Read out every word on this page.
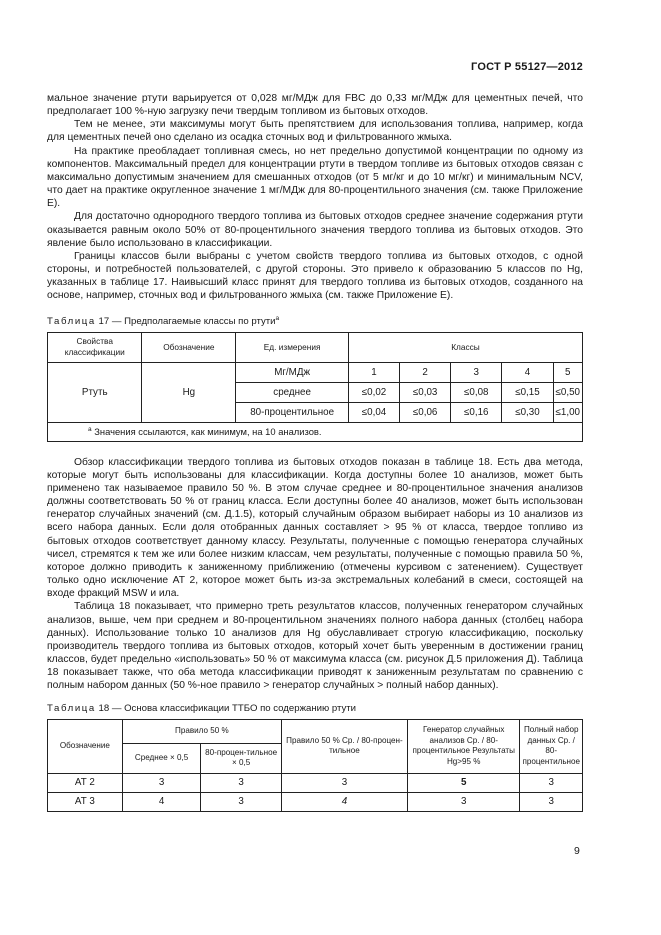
ГОСТ Р 55127—2012

мальное значение ртути варьируется от 0,028 мг/МДж для FBC до 0,33 мг/МДж для цементных печей, что предполагает 100 %-ную загрузку печи твердым топливом из бытовых отходов.

Тем не менее, эти максимумы могут быть препятствием для использования топлива, например, когда для цементных печей оно сделано из осадка сточных вод и фильтрованного жмыха.

На практике преобладает топливная смесь, но нет предельно допустимой концентрации по одному из компонентов. Максимальный предел для концентрации ртути в твердом топливе из бытовых отходов связан с максимально допустимым значением для смешанных отходов (от 5 мг/кг и до 10 мг/кг) и минимальным NCV, что дает на практике округленное значение 1 мг/МДж для 80-процентильного значения (см. также Приложение Е).

Для достаточно однородного твердого топлива из бытовых отходов среднее значение содержания ртути оказывается равным около 50% от 80-процентильного значения твердого топлива из бытовых отходов. Это явление было использовано в классификации.

Границы классов были выбраны с учетом свойств твердого топлива из бытовых отходов, с одной стороны, и потребностей пользователей, с другой стороны. Это привело к образованию 5 классов по Hg, указанных в таблице 17. Наивысший класс принят для твердого топлива из бытовых отходов, созданного на основе, например, сточных вод и фильтрованного жмыха (см. также Приложение Е).

Таблица 17 — Предполагаемые классы по ртути$^a$
Свойства классификации	Обозначение	Ед. измерения	Классы				
Ртуть	Hg	Мг/МДж	1	2	3	4	5
		среднее	≤0,02	≤0,03	≤0,08	≤0,15	≤0,50
		80-процентильное	≤0,04	≤0,06	≤0,16	≤0,30	≤1,00
$^a$ Значения ссылаются, как минимум, на 10 анализов.							

Обзор классификации твердого топлива из бытовых отходов показан в таблице 18. Есть два метода, которые могут быть использованы для классификации. Когда доступны более 10 анализов, может быть применено так называемое правило 50 %. В этом случае среднее и 80-процентильное значения анализов должны соответствовать 50 % от границ класса. Если доступны более 40 анализов, может быть использован генератор случайных значений (см. Д.1.5), который случайным образом выбирает наборы из 10 анализов из всего набора данных. Если доля отобранных данных составляет > 95 % от класса, твердое топливо из бытовых отходов соответствует данному классу. Результаты, полученные с помощью генератора случайных чисел, стремятся к тем же или более низким классам, чем результаты, полученные с помощью правила 50 %, которое должно приводить к заниженному приближению (отмечены курсивом с затенением). Существует только одно исключение АТ 2, которое может быть из-за экстремальных колебаний в смеси, состоящей на входе фракций MSW и ила.

Таблица 18 показывает, что примерно треть результатов классов, полученных генератором случайных анализов, выше, чем при среднем и 80-процентильном значениях полного набора данных (столбец набора данных). Использование только 10 анализов для Hg обуславливает строгую классификацию, поскольку производитель твердого топлива из бытовых отходов, который хочет быть уверенным в достижении границ классов, будет предельно «использовать» 50 % от максимума класса (см. рисунок Д.5 приложения Д). Таблица 18 показывает также, что оба метода классификации приводят к заниженным результатам по сравнению с полным набором данных (50 %-ное правило > генератор случайных > полный набор данных).

Таблица 18 — Основа классификации ТТБО по содержанию ртути
Обозначение	Правило 50 %		Правило 50 % Ср. / 80-процен-тильное	Генератор случайных анализов Ср. / 80-процентильное Результаты Hg>95 %	Полный набор данных Ср. / 80-процентильное
	Среднее × 0,5	80-процен-тильное × 0,5			
АТ 2	3	3	3	5	3
АТ 3	4	3	4	3	3
9
